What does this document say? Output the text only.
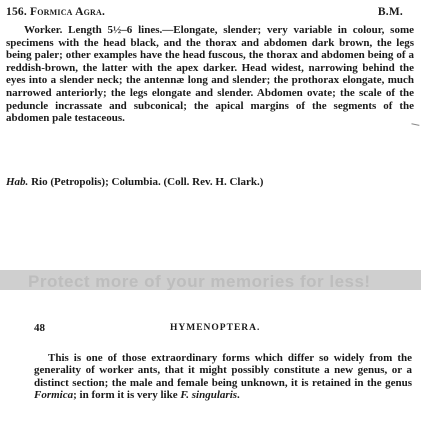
156. Formica Agra.	B.M.

Worker. Length 5½–6 lines.—Elongate, slender; very variable in colour, some specimens with the head black, and the thorax and abdomen dark brown, the legs being paler; other examples have the head fuscous, the thorax and abdomen being of a reddish-brown, the latter with the apex darker. Head widest, narrowing behind the eyes into a slender neck; the antennæ long and slender; the prothorax elongate, much narrowed anteriorly; the legs elongate and slender. Abdomen ovate; the scale of the peduncle incrassate and subconical; the apical margins of the segments of the abdomen pale testaceous.

Hab. Rio (Petropolis); Columbia. (Coll. Rev. H. Clark.)

Protect more of your memories for less!
48	HYMENOPTERA.

This is one of those extraordinary forms which differ so widely from the generality of worker ants, that it might possibly constitute a new genus, or a distinct section; the male and female being unknown, it is retained in the genus Formica; in form it is very like F. singularis.
